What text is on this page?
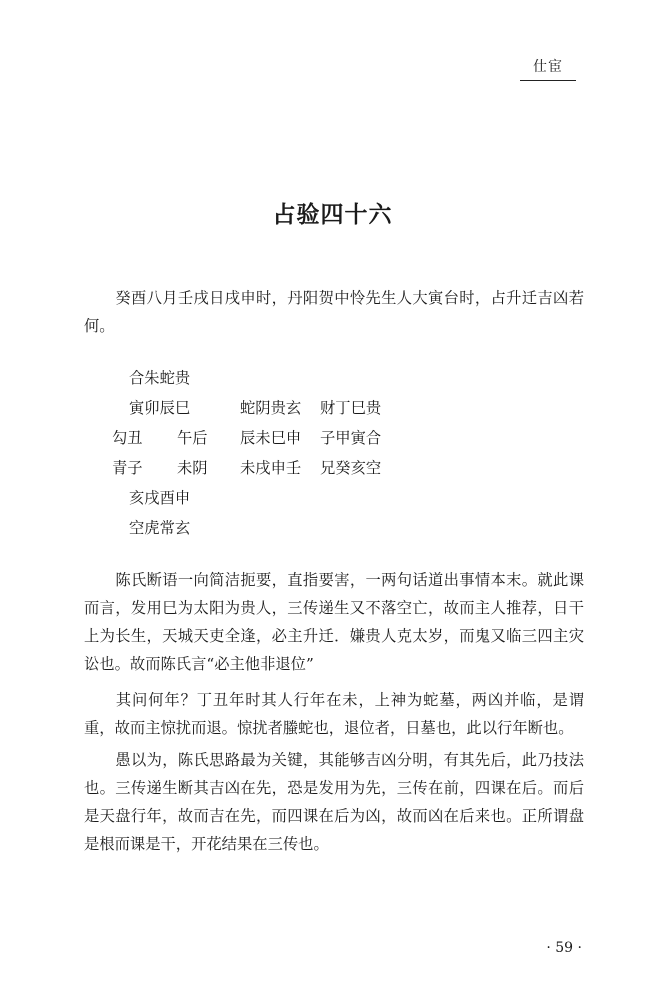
仕宦
占验四十六
癸酉八月壬戌日戌申时，丹阳贺中怜先生人大寅台时，占升迁吉凶若何。
合朱蛇贵
寅卯辰巳	蛇阴贵玄 财丁巳贵
勾丑 午后 辰未巳申 子甲寅合
青子 未阴 未戌申壬 兄癸亥空
亥戌酉申
空虎常玄
陈氏断语一向简洁扼要，直指要害，一两句话道出事情本末。就此课而言，发用巳为太阳为贵人，三传递生又不落空亡，故而主人推荐，日干上为长生，天城天吏全逢，必主升迁．嫌贵人克太岁，而鬼又临三四主灾讼也。故而陈氏言“必主他非退位”
其问何年？丁丑年时其人行年在未，上神为蛇墓，两凶并临，是谓重，故而主惊扰而退。惊扰者螣蛇也，退位者，日墓也，此以行年断也。
愚以为，陈氏思路最为关键，其能够吉凶分明，有其先后，此乃技法也。三传递生断其吉凶在先，恐是发用为先，三传在前，四课在后。而后是天盘行年，故而吉在先，而四课在后为凶，故而凶在后来也。正所谓盘是根而课是干，开花结果在三传也。
· 59 ·
